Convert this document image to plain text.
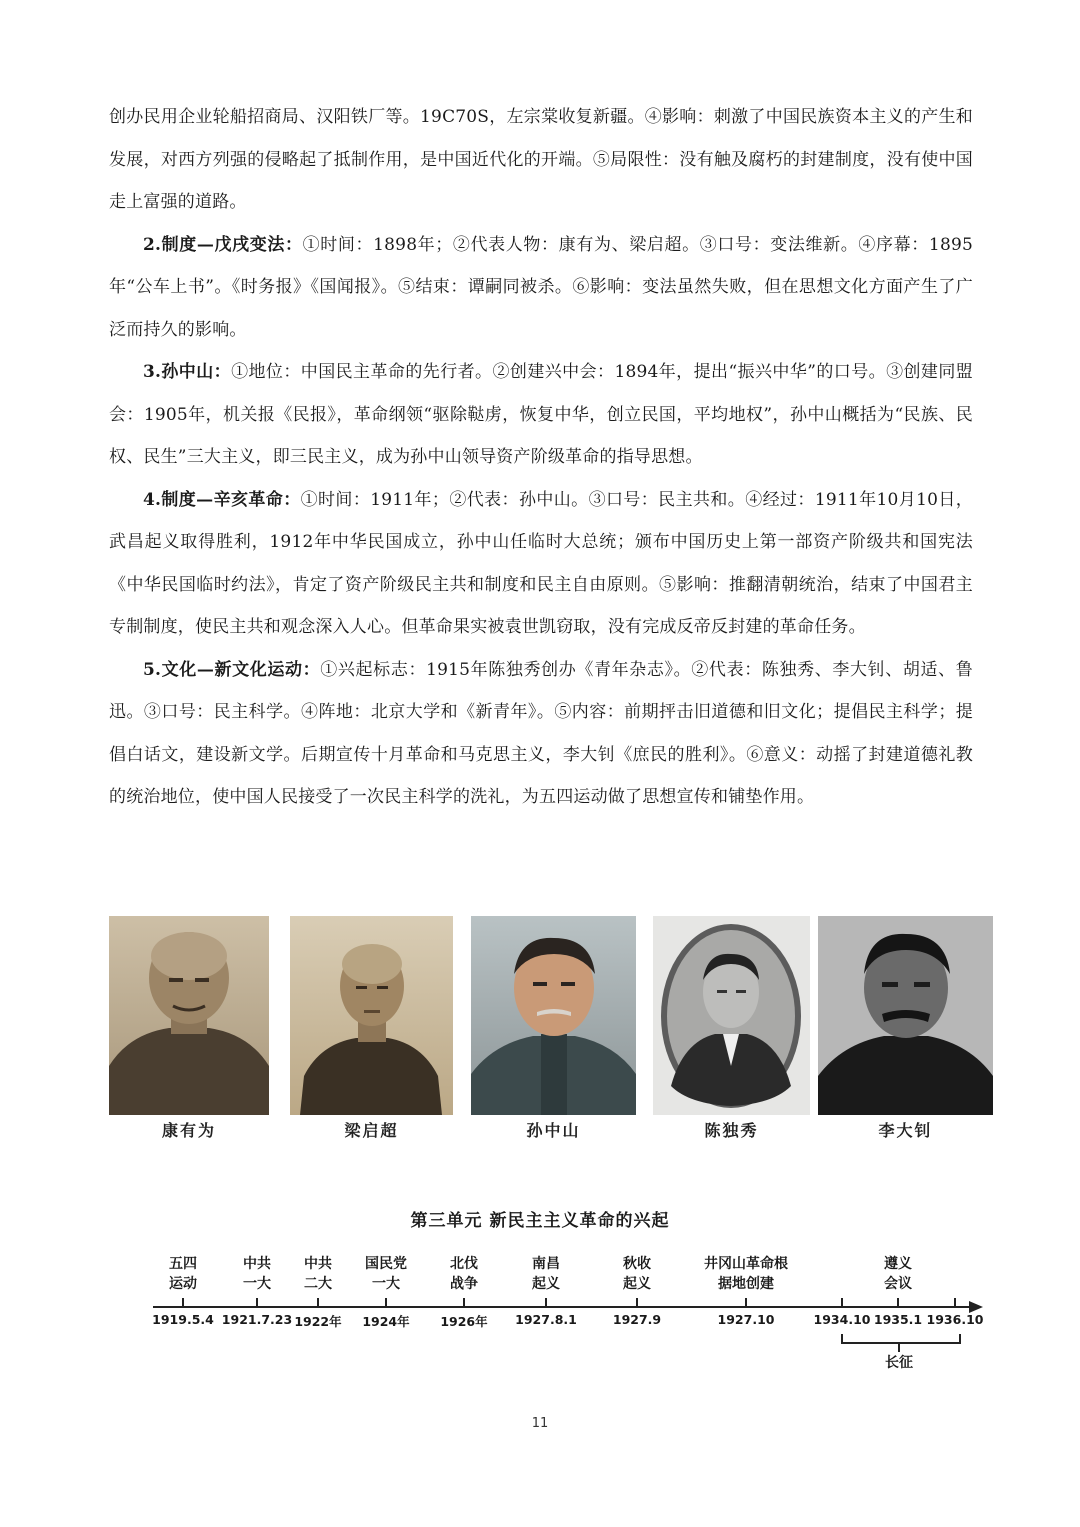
创办民用企业轮船招商局、汉阳铁厂等。19C70S，左宗棠收复新疆。④影响：刺激了中国民族资本主义的产生和发展，对西方列强的侵略起了抵制作用，是中国近代化的开端。⑤局限性：没有触及腐朽的封建制度，没有使中国走上富强的道路。

2.制度—戊戌变法：①时间：1898年；②代表人物：康有为、梁启超。③口号：变法维新。④序幕：1895年“公车上书”。《时务报》《国闻报》。⑤结束：谭嗣同被杀。⑥影响：变法虽然失败，但在思想文化方面产生了广泛而持久的影响。

3.孙中山：①地位：中国民主革命的先行者。②创建兴中会：1894年，提出“振兴中华”的口号。③创建同盟会：1905年，机关报《民报》，革命纲领“驱除鞑虏，恢复中华，创立民国，平均地权”，孙中山概括为“民族、民权、民生”三大主义，即三民主义，成为孙中山领导资产阶级革命的指导思想。

4.制度—辛亥革命：①时间：1911年；②代表：孙中山。③口号：民主共和。④经过：1911年10月10日，武昌起义取得胜利，1912年中华民国成立，孙中山任临时大总统；颁布中国历史上第一部资产阶级共和国宪法《中华民国临时约法》，肯定了资产阶级民主共和制度和民主自由原则。⑤影响：推翻清朝统治，结束了中国君主专制制度，使民主共和观念深入人心。但革命果实被袁世凯窃取，没有完成反帝反封建的革命任务。

5.文化—新文化运动：①兴起标志：1915年陈独秀创办《青年杂志》。②代表：陈独秀、李大钊、胡适、鲁迅。③口号：民主科学。④阵地：北京大学和《新青年》。⑤内容：前期抨击旧道德和旧文化；提倡民主科学；提倡白话文，建设新文学。后期宣传十月革命和马克思主义，李大钊《庶民的胜利》。⑥意义：动摇了封建道德礼教的统治地位，使中国人民接受了一次民主科学的洗礼，为五四运动做了思想宣传和铺垫作用。

康有为	梁启超	孙中山	陈独秀	李大钊
第三单元 新民主主义革命的兴起
五四
运动
1919.5.4
中共
一大
1921.7.23
中共
二大
1922年
国民党
一大
1924年
北伐
战争
1926年
南昌
起义
1927.8.1
秋收
起义
1927.9
井冈山革命根
据地创建
1927.10	1934.10
遵义
会议
1935.1 1936.10
长征
11
